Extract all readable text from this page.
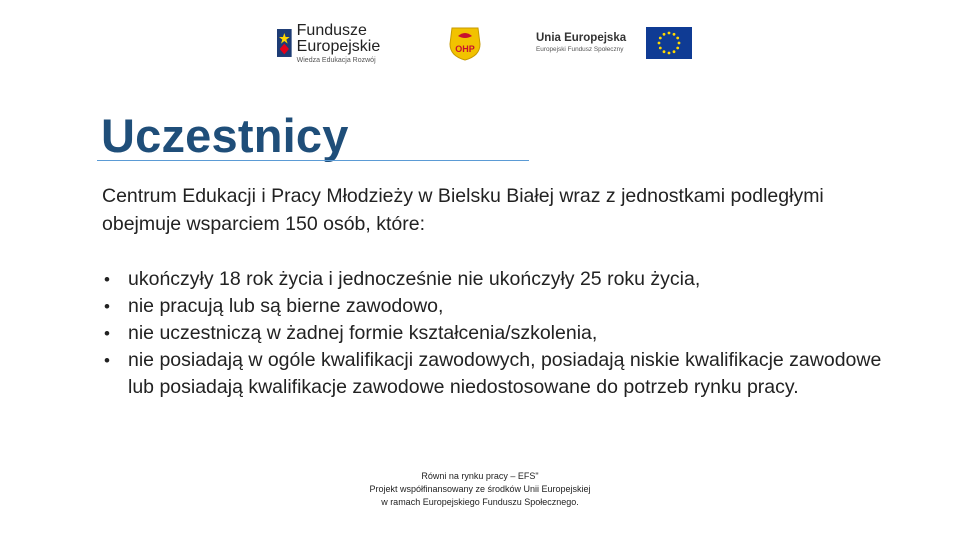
Fundusze Europejskie
Wiedza Edukacja Rozwój
OHP
Unia Europejska
Europejski Fundusz Społeczny
Uczestnicy

Centrum Edukacji i Pracy Młodzieży w Bielsku Białej wraz z jednostkami podległymi obejmuje wsparciem 150 osób, które:

• ukończyły 18 rok życia i jednocześnie nie ukończyły 25 roku życia,
• nie pracują lub są bierne zawodowo,
• nie uczestniczą w żadnej formie kształcenia/szkolenia,
• nie posiadają w ogóle kwalifikacji zawodowych, posiadają niskie kwalifikacje zawodowe lub posiadają kwalifikacje zawodowe niedostosowane do potrzeb rynku pracy.
Równi na rynku pracy – EFS"
Projekt współfinansowany ze środków Unii Europejskiej
w ramach Europejskiego Funduszu Społecznego.
